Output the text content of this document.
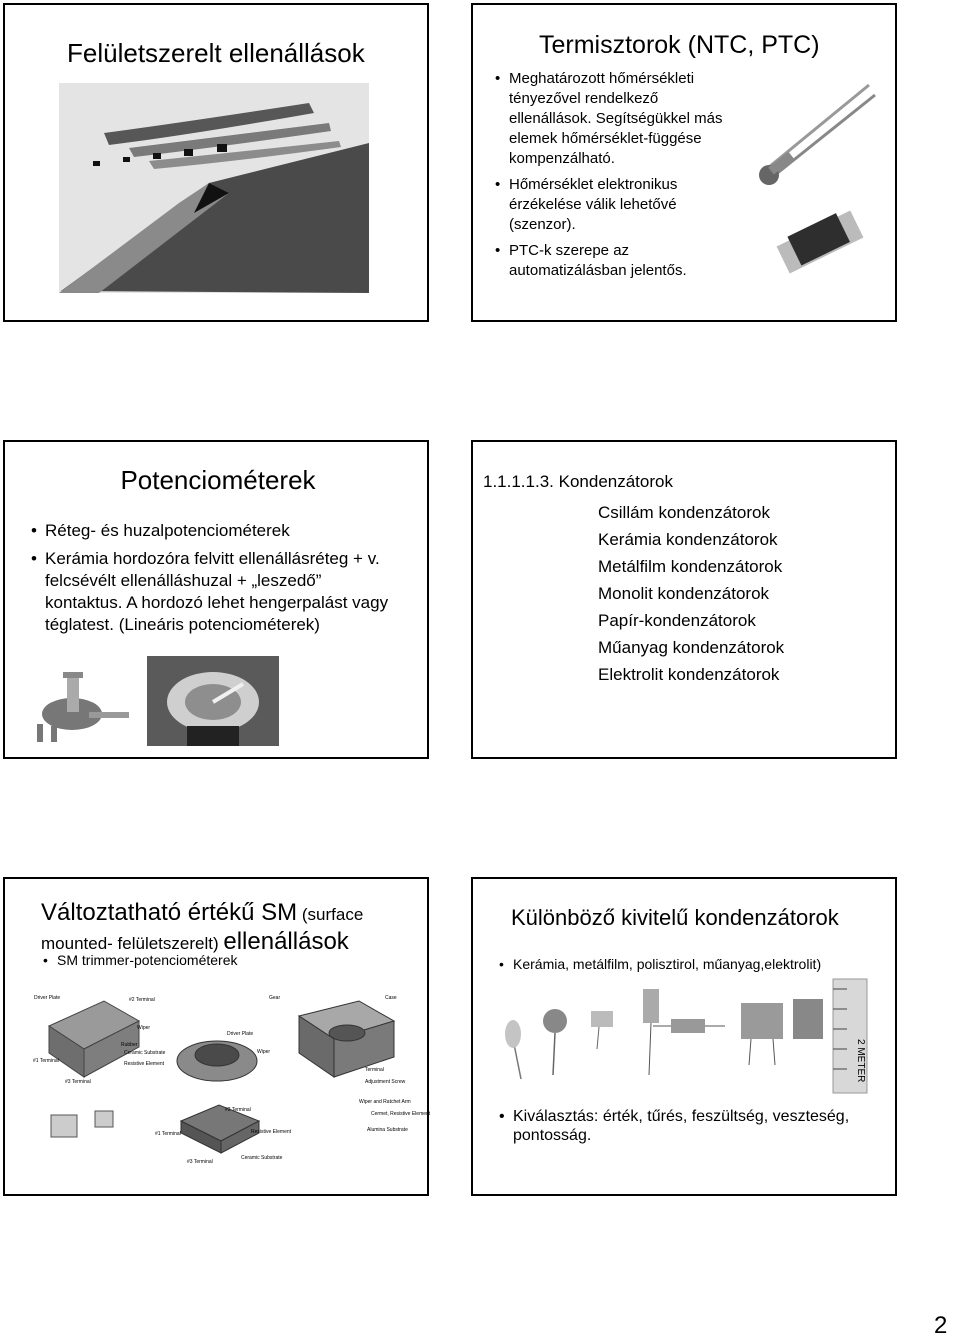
Felületszerelt ellenállások	Termisztorok (NTC, PTC)
• Meghatározott hőmérsékleti tényezővel rendelkező ellenállások. Segítségükkel más elemek hőmérséklet-függése kompenzálható.
• Hőmérséklet elektronikus érzékelése válik lehetővé (szenzor).
• PTC-k szerepe az automatizálásban jelentős.
Potenciométerek
• Réteg- és huzalpotenciométerek
• Kerámia hordozóra felvitt ellenállásréteg + v. felcsévélt ellenálláshuzal + „leszedő” kontaktus. A hordozó lehet hengerpalást vagy téglatest. (Lineáris potenciométerek)
1.1.1.1.3. Kondenzátorok
Csillám kondenzátorok
Kerámia kondenzátorok
Metálfilm kondenzátorok
Monolit kondenzátorok
Papír-kondenzátorok
Műanyag kondenzátorok
Elektrolit kondenzátorok
Változtatható értékű SM (surface mounted- felületszerelt) ellenállások
• SM trimmer-potenciométerek
Driver Plate	#2 Terminal
Wiper
Rubber
Ceramic Substrate
Resistive Element
#1 Terminal
#3 Terminal
Gear	Case
Driver Plate
Wiper
Terminal
Adjustment Screw
Wiper and Ratchet Arm
Cermet, Resistive Element
Alumina Substrate
#2 Terminal
#1 Terminal	Resistive Element
#3 Terminal
Ceramic Substrate
Különböző kivitelű kondenzátorok
• Kerámia, metálfilm, polisztirol, műanyag,elektrolit)
2 METER
• Kiválasztás: érték, tűrés, feszültség, veszteség, pontosság.
2
